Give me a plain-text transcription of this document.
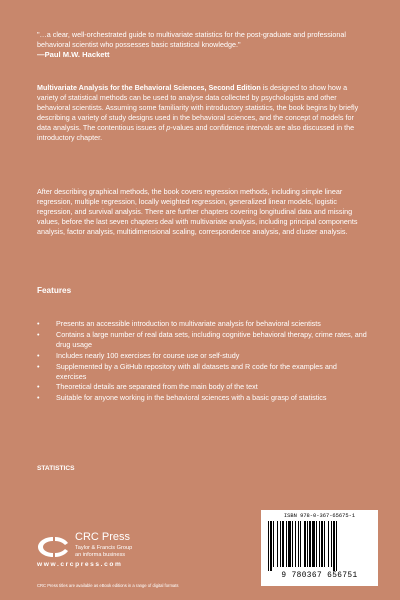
"…a clear, well-orchestrated guide to multivariate statistics for the post-graduate and professional behavioral scientist who possesses basic statistical knowledge."
—Paul M.W. Hackett
Multivariate Analysis for the Behavioral Sciences, Second Edition is designed to show how a variety of statistical methods can be used to analyse data collected by psychologists and other behavioral scientists. Assuming some familiarity with introductory statistics, the book begins by briefly describing a variety of study designs used in the behavioral sciences, and the concept of models for data analysis. The contentious issues of p-values and confidence intervals are also discussed in the introductory chapter.
After describing graphical methods, the book covers regression methods, including simple linear regression, multiple regression, locally weighted regression, generalized linear models, logistic regression, and survival analysis. There are further chapters covering longitudinal data and missing values, before the last seven chapters deal with multivariate analysis, including principal components analysis, factor analysis, multidimensional scaling, correspondence analysis, and cluster analysis.
Features
• Presents an accessible introduction to multivariate analysis for behavioral scientists
• Contains a large number of real data sets, including cognitive behavioral therapy, crime rates, and drug usage
• Includes nearly 100 exercises for course use or self-study
• Supplemented by a GitHub repository with all datasets and R code for the examples and exercises
• Theoretical details are separated from the main body of the text
• Suitable for anyone working in the behavioral sciences with a basic grasp of statistics
STATISTICS
CRC Press
Taylor & Francis Group
an informa business
www.crcpress.com
CRC Press titles are available as eBook editions in a range of digital formats
ISBN 978-0-367-65675-1
9 780367 656751
